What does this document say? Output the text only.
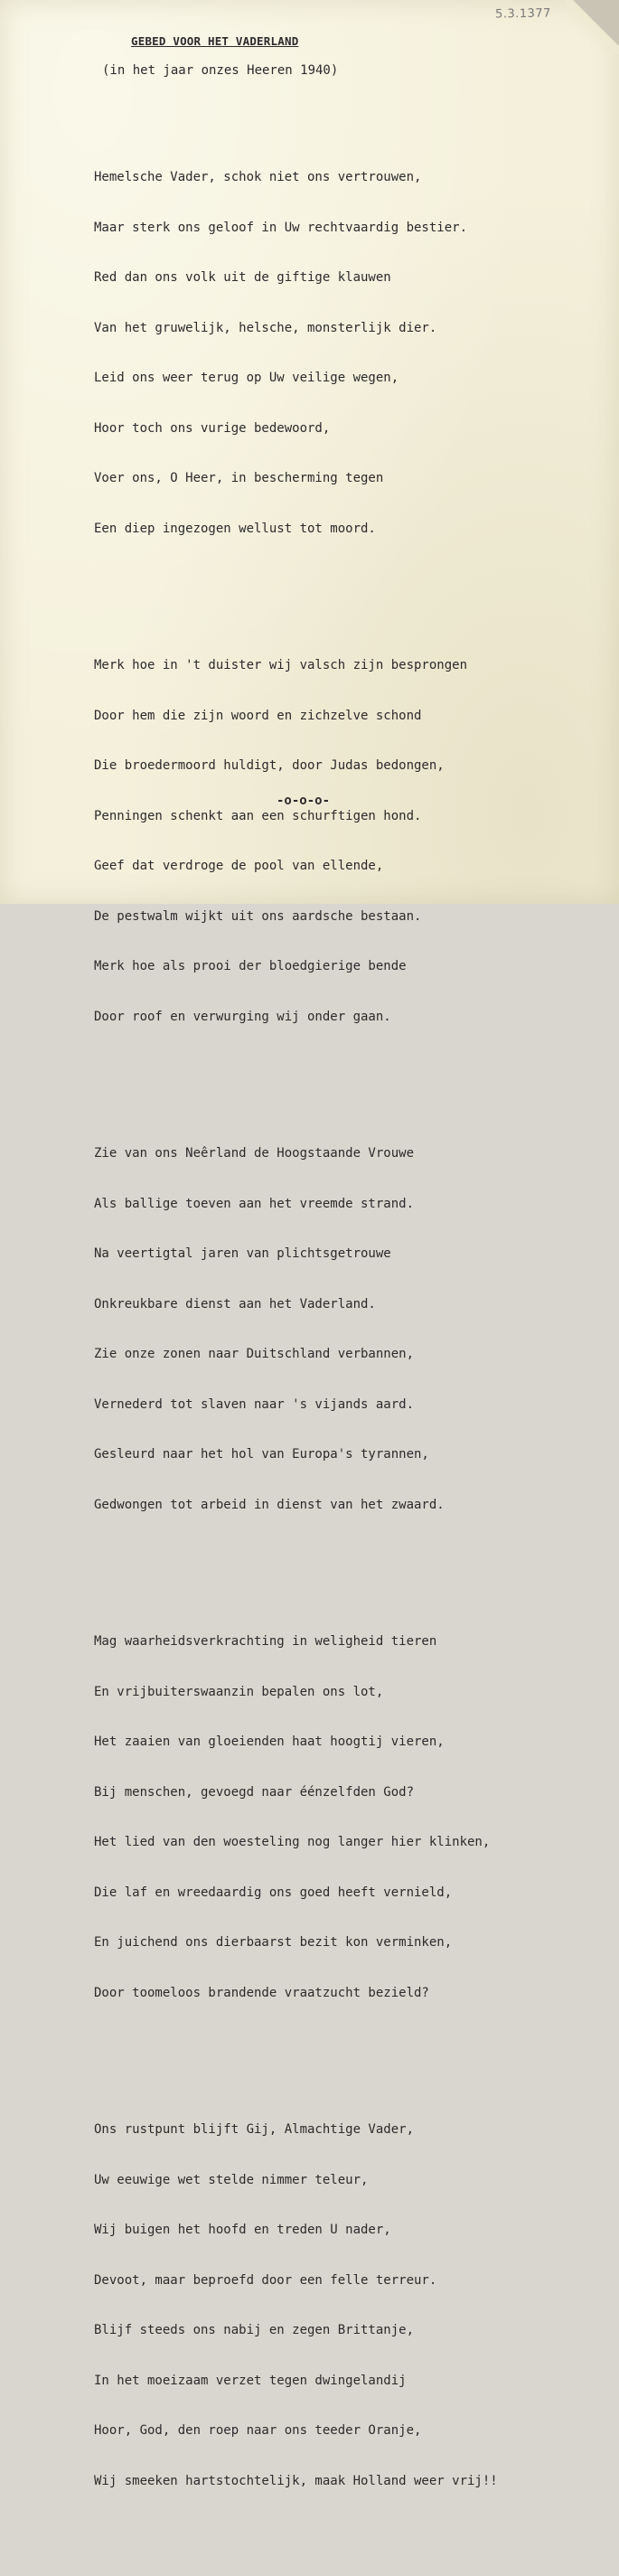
5.3.1377
GEBED VOOR HET VADERLAND
(in het jaar onzes Heeren 1940)

Hemelsche Vader, schok niet ons vertrouwen,

Maar sterk ons geloof in Uw rechtvaardig bestier.

Red dan ons volk uit de giftige klauwen

Van het gruwelijk, helsche, monsterlijk dier.

Leid ons weer terug op Uw veilige wegen,

Hoor toch ons vurige bedewoord,

Voer ons, O Heer, in bescherming tegen

Een diep ingezogen wellust tot moord.

Merk hoe in 't duister wij valsch zijn besprongen

Door hem die zijn woord en zichzelve schond

Die broedermoord huldigt, door Judas bedongen,

Penningen schenkt aan een schurftigen hond.

Geef dat verdroge de pool van ellende,

De pestwalm wijkt uit ons aardsche bestaan.

Merk hoe als prooi der bloedgierige bende

Door roof en verwurging wij onder gaan.

Zie van ons Neêrland de Hoogstaande Vrouwe

Als ballige toeven aan het vreemde strand.

Na veertigtal jaren van plichtsgetrouwe

Onkreukbare dienst aan het Vaderland.

Zie onze zonen naar Duitschland verbannen,

Vernederd tot slaven naar 's vijands aard.

Gesleurd naar het hol van Europa's tyrannen,

Gedwongen tot arbeid in dienst van het zwaard.

Mag waarheidsverkrachting in weligheid tieren

En vrijbuiterswaanzin bepalen ons lot,

Het zaaien van gloeienden haat hoogtij vieren,

Bij menschen, gevoegd naar éénzelfden God?

Het lied van den woesteling nog langer hier klinken,

Die laf en wreedaardig ons goed heeft vernield,

En juichend ons dierbaarst bezit kon verminken,

Door toomeloos brandende vraatzucht bezield?

Ons rustpunt blijft Gij, Almachtige Vader,

Uw eeuwige wet stelde nimmer teleur,

Wij buigen het hoofd en treden U nader,

Devoot, maar beproefd door een felle terreur.

Blijf steeds ons nabij en zegen Brittanje,

In het moeizaam verzet tegen dwingelandij

Hoor, God, den roep naar ons teeder Oranje,

Wij smeeken hartstochtelijk, maak Holland weer vrij!!

-o-o-o-
